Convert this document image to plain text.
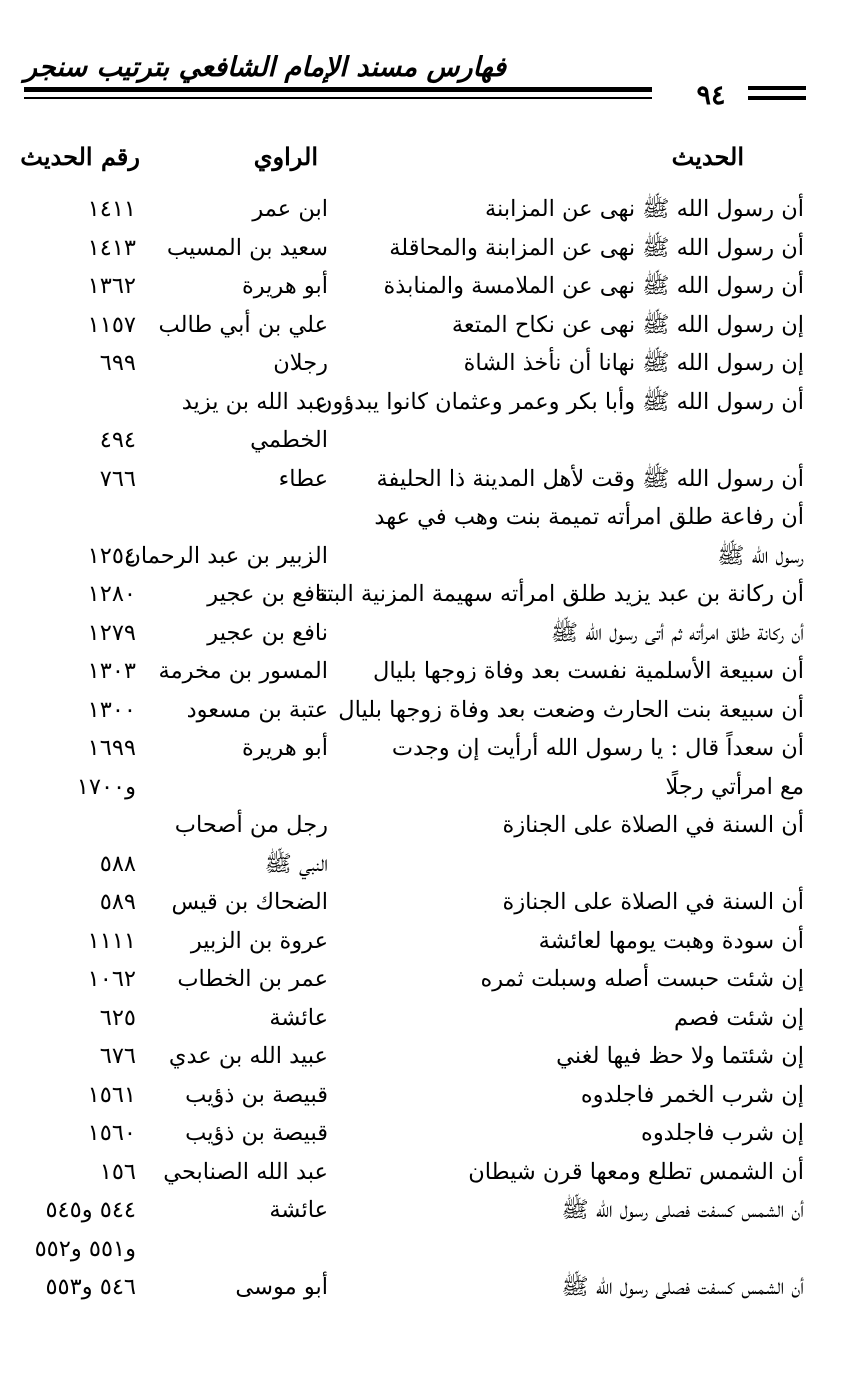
فهارس مسند الإمام الشافعي بترتيب سنجر
٩٤
الحديث
الراوي
رقم الحديث
أن رسول الله ﷺ نهى عن المزابنة
ابن عمر
١٤١١
أن رسول الله ﷺ نهى عن المزابنة والمحاقلة
سعيد بن المسيب
١٤١٣
أن رسول الله ﷺ نهى عن الملامسة والمنابذة
أبو هريرة
١٣٦٢
إن رسول الله ﷺ نهى عن نكاح المتعة
علي بن أبي طالب
١١٥٧
إن رسول الله ﷺ نهانا أن نأخذ الشاة
رجلان
٦٩٩
أن رسول الله ﷺ وأبا بكر وعمر وعثمان كانوا يبدؤون
عبد الله بن يزيد
الخطمي
٤٩٤
أن رسول الله ﷺ وقت لأهل المدينة ذا الحليفة
عطاء
٧٦٦
أن رفاعة طلق امرأته تميمة بنت وهب في عهد
رسول الله ﷺ
الزبير بن عبد الرحمان
١٢٥٤
أن ركانة بن عبد يزيد طلق امرأته سهيمة المزنية البتة
نافع بن عجير
١٢٨٠
أن ركانة طلق امرأته ثم أتى رسول الله ﷺ
نافع بن عجير
١٢٧٩
أن سبيعة الأسلمية نفست بعد وفاة زوجها بليال
المسور بن مخرمة
١٣٠٣
أن سبيعة بنت الحارث وضعت بعد وفاة زوجها بليال
عتبة بن مسعود
١٣٠٠
أن سعداً قال : يا رسول الله أرأيت إن وجدت
أبو هريرة
١٦٩٩
مع امرأتي رجلًا
و١٧٠٠
أن السنة في الصلاة على الجنازة
رجل من أصحاب
النبي ﷺ
٥٨٨
أن السنة في الصلاة على الجنازة
الضحاك بن قيس
٥٨٩
أن سودة وهبت يومها لعائشة
عروة بن الزبير
١١١١
إن شئت حبست أصله وسبلت ثمره
عمر بن الخطاب
١٠٦٢
إن شئت فصم
عائشة
٦٢٥
إن شئتما ولا حظ فيها لغني
عبيد الله بن عدي
٦٧٦
إن شرب الخمر فاجلدوه
قبيصة بن ذؤيب
١٥٦١
إن شرب فاجلدوه
قبيصة بن ذؤيب
١٥٦٠
أن الشمس تطلع ومعها قرن شيطان
عبد الله الصنابحي
١٥٦
أن الشمس كسفت فصلى رسول الله ﷺ
عائشة
٥٤٤ و٥٤٥
و٥٥١ و٥٥٢
أن الشمس كسفت فصلى رسول الله ﷺ
أبو موسى
٥٤٦ و٥٥٣
